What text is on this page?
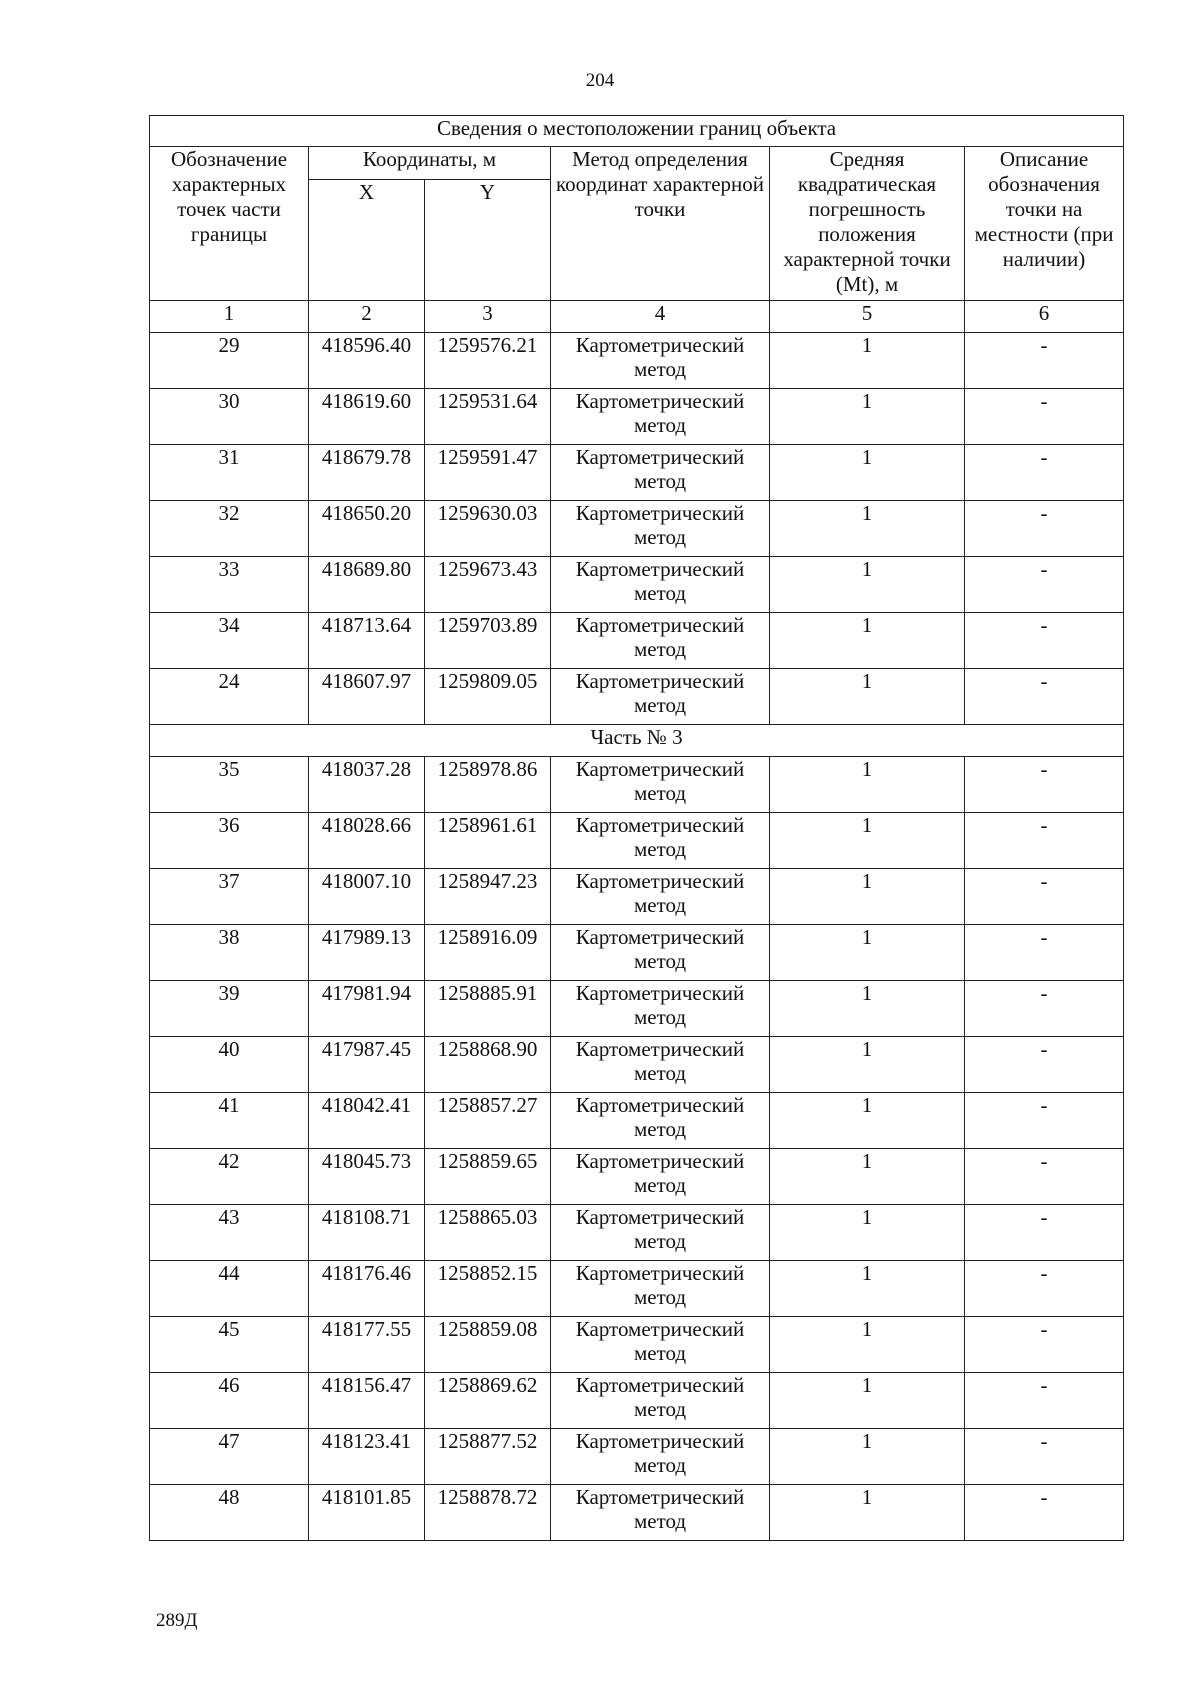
204
Сведения о местоположении границ объекта					
Обозначение характерных точек части границы	Координаты, м		Метод определения координат характерной точки	Средняя квадратическая погрешность положения характерной точки (Mt), м	Описание обозначения точки на местности (при наличии)
	X	Y			
1	2	3	4	5	6
29	418596.40	1259576.21	Картометрический метод	1	-
30	418619.60	1259531.64	Картометрический метод	1	-
31	418679.78	1259591.47	Картометрический метод	1	-
32	418650.20	1259630.03	Картометрический метод	1	-
33	418689.80	1259673.43	Картометрический метод	1	-
34	418713.64	1259703.89	Картометрический метод	1	-
24	418607.97	1259809.05	Картометрический метод	1	-
Часть № 3					
35	418037.28	1258978.86	Картометрический метод	1	-
36	418028.66	1258961.61	Картометрический метод	1	-
37	418007.10	1258947.23	Картометрический метод	1	-
38	417989.13	1258916.09	Картометрический метод	1	-
39	417981.94	1258885.91	Картометрический метод	1	-
40	417987.45	1258868.90	Картометрический метод	1	-
41	418042.41	1258857.27	Картометрический метод	1	-
42	418045.73	1258859.65	Картометрический метод	1	-
43	418108.71	1258865.03	Картометрический метод	1	-
44	418176.46	1258852.15	Картометрический метод	1	-
45	418177.55	1258859.08	Картометрический метод	1	-
46	418156.47	1258869.62	Картометрический метод	1	-
47	418123.41	1258877.52	Картометрический метод	1	-
48	418101.85	1258878.72	Картометрический метод	1	-
289Д
